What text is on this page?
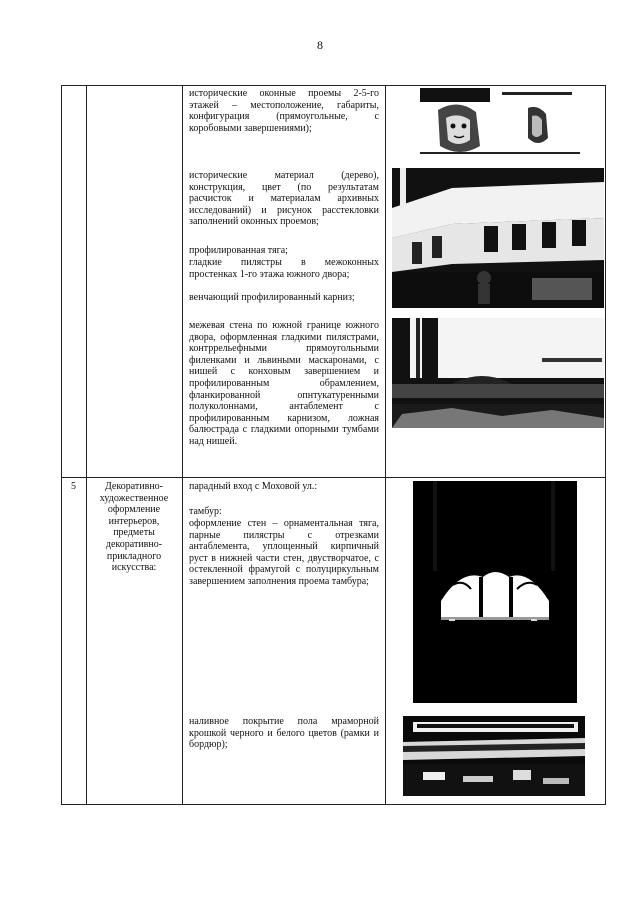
8
исторические оконные проемы 2-5-го этажей – местоположение, габариты, конфигурация (прямоугольные, с коробовыми завершениями);
исторические материал (дерево), конструкция, цвет (по результатам расчисток и материалам архивных исследований) и рисунок расстекловки заполнений оконных проемов;
профилированная тяга;
гладкие пилястры в межоконных простенках 1-го этажа южного двора;
венчающий профилированный карниз;
межевая стена по южной границе южного двора, оформленная гладкими пилястрами, контррельефными прямоугольными филенками и львиными маскаронами, с нишей с конховым завершением и профилированным обрамлением, фланкированной опнтукатуренными полуколоннами, антаблемент с профилированным карнизом, ложная балюстрада с гладкими опорными тумбами над нишей.
5	Декоративно-художественное оформление интерьеров, предметы декоративно-прикладного искусства:
парадный вход с Моховой ул.:
тамбур:
оформление стен – орнаментальная тяга, парные пилястры с отрезками антаблемента, уплощенный кирпичный руст в нижней части стен, двустворчатое, с остекленной фрамугой с полуциркульным завершением заполнения проема тамбура;
наливное покрытие пола мраморной крошкой черного и белого цветов (рамки и бордюр);
